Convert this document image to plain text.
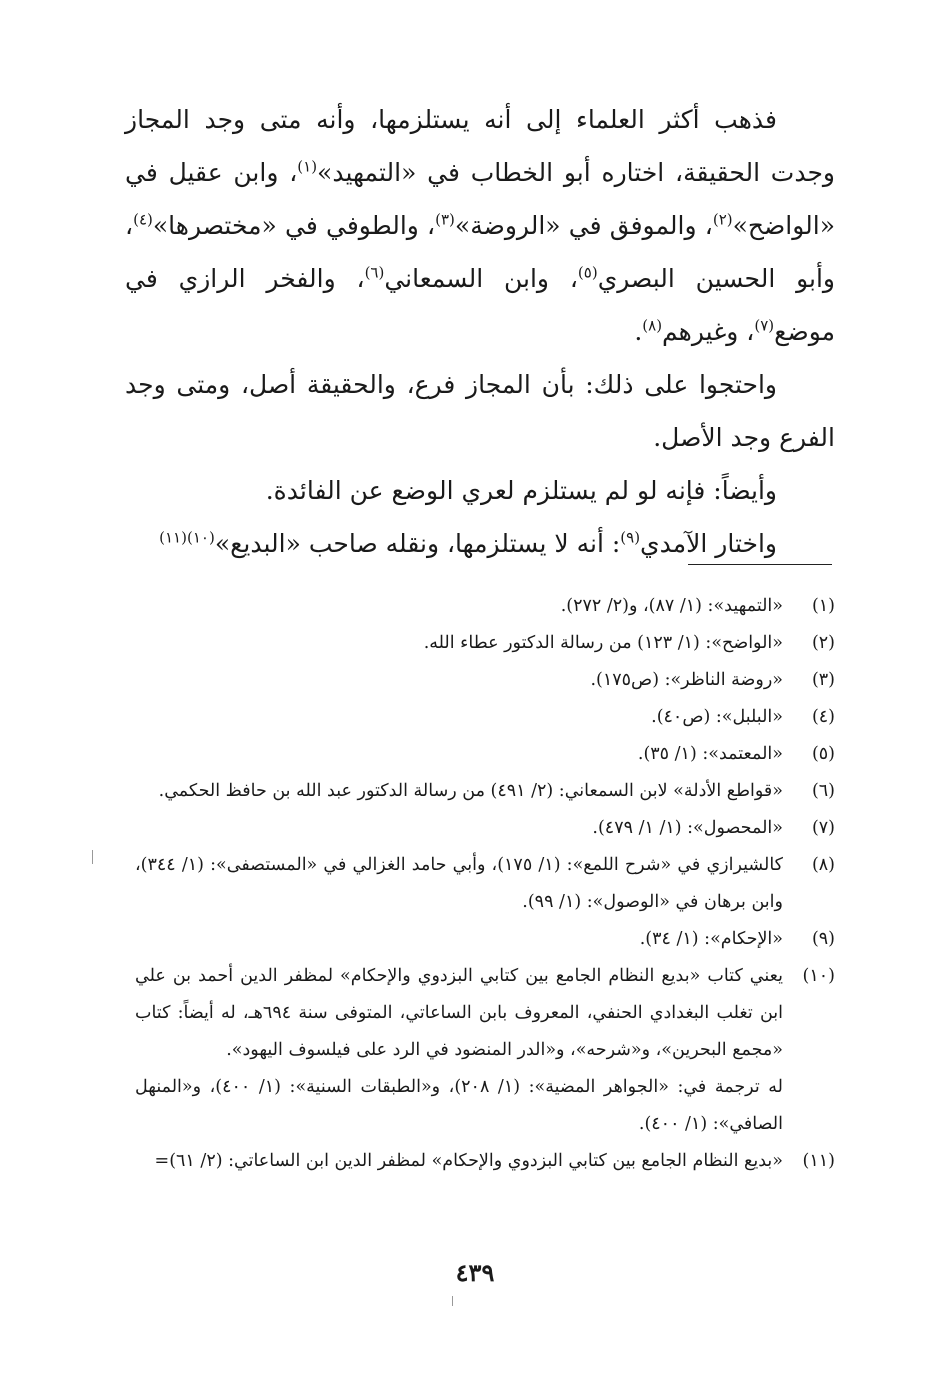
فذهب أكثر العلماء إلى أنه يستلزمها، وأنه متى وجد المجاز وجدت الحقيقة، اختاره أبو الخطاب في «التمهيد»$^{(١)}$، وابن عقيل في «الواضح»$^{(٢)}$، والموفق في «الروضة»$^{(٣)}$، والطوفي في «مختصرها»$^{(٤)}$، وأبو الحسين البصري$^{(٥)}$، وابن السمعاني$^{(٦)}$، والفخر الرازي في موضع$^{(٧)}$، وغيرهم$^{(٨)}$.

واحتجوا على ذلك: بأن المجاز فرع، والحقيقة أصل، ومتى وجد الفرع وجد الأصل.

وأيضاً: فإنه لو لم يستلزم لعري الوضع عن الفائدة.

واختار الآمدي$^{(٩)}$: أنه لا يستلزمها، ونقله صاحب «البديع»$^{(١٠)(١١)}$

(١)
«التمهيد»: (١/ ٨٧)، و(٢/ ٢٧٢).
(٢)
«الواضح»: (١/ ١٢٣) من رسالة الدكتور عطاء الله.
(٣)
«روضة الناظر»: (ص١٧٥).
(٤)
«البلبل»: (ص٤٠).
(٥)
«المعتمد»: (١/ ٣٥).
(٦)
«قواطع الأدلة» لابن السمعاني: (٢/ ٤٩١) من رسالة الدكتور عبد الله بن حافظ الحكمي.
(٧)
«المحصول»: (١/ ١/ ٤٧٩).
(٨)
كالشيرازي في «شرح اللمع»: (١/ ١٧٥)، وأبي حامد الغزالي في «المستصفى»: (١/ ٣٤٤)، وابن برهان في «الوصول»: (١/ ٩٩).
(٩)
«الإحكام»: (١/ ٣٤).
(١٠)
يعني كتاب «بديع النظام الجامع بين كتابي البزدوي والإحكام» لمظفر الدين أحمد بن علي ابن تغلب البغدادي الحنفي، المعروف بابن الساعاتي، المتوفى سنة ٦٩٤هـ، له أيضاً: كتاب «مجمع البحرين»، و«شرحه»، و«الدر المنضود في الرد على فيلسوف اليهود».
له ترجمة في: «الجواهر المضية»: (١/ ٢٠٨)، و«الطبقات السنية»: (١/ ٤٠٠)، و«المنهل الصافي»: (١/ ٤٠٠).
(١١)
«بديع النظام الجامع بين كتابي البزدوي والإحكام» لمظفر الدين ابن الساعاتي: (٢/ ٦١)=
٤٣٩
